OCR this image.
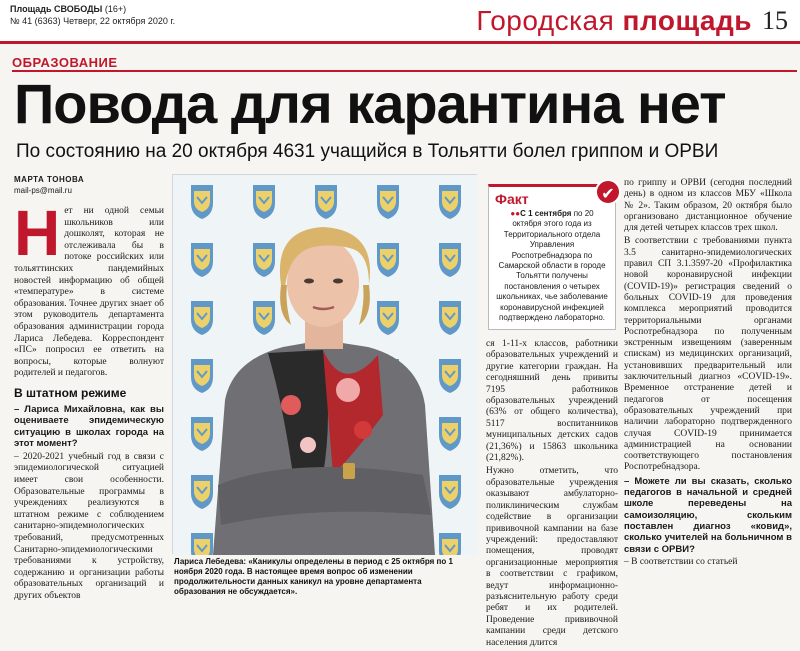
Площадь СВОБОДЫ (16+)
№ 41 (6363) Четверг, 22 октября 2020 г.	Городская площадь 15
ОБРАЗОВАНИЕ
Повода для карантина нет
По состоянию на 20 октября 4631 учащийся в Тольятти болел гриппом и ОРВИ
МАРТА ТОНОВА
mail-ps@mail.ru
Н ет ни одной семьи школьников или дошколят, которая не отслеживала бы в потоке российских или тольяттинских пандемийных новостей информацию об общей «температуре» в системе образования. Точнее других знает об этом руководитель департамента образования администрации города Лариса Лебедева. Корреспондент «ПС» попросил ее ответить на вопросы, которые волнуют родителей и педагогов.

В штатном режиме

– Лариса Михайловна, как вы оцениваете эпидемическую ситуацию в школах города на этот момент?

– 2020-2021 учебный год в связи с эпидемиологической ситуацией имеет свои особенности. Образовательные программы в учреждениях реализуются в штатном режиме с соблюдением санитарно-эпидемиологических требований, предусмотренных Санитарно-эпидемиологическими требованиями к устройству, содержанию и организации работы образовательных организаций и других объектов

Лариса Лебедева: «Каникулы определены в период с 25 октября по 1 ноября 2020 года. В настоящее время вопрос об изменении продолжительности данных каникул на уровне департамента образования не обсуждается».
✔
Факт
●●С 1 сентября по 20 октября этого года из Территориального отдела Управления Роспотребнадзора по Самарской области в городе Тольятти получены постановления о четырех школьниках, чье заболевание коронавирусной инфекцией подтверждено лабораторно.

ся 1-11-х классов, работники образовательных учреждений и другие категории граждан. На сегодняшний день привиты 7195 работников образовательных учреждений (63% от общего количества), 5117 воспитанников муниципальных детских садов (21,36%) и 15863 школьника (21,82%).

Нужно отметить, что образовательные учреждения оказывают амбулаторно-поликлиническим службам содействие в организации прививочной кампании на базе учреждений: предоставляют помещения, проводят организационные мероприятия в соответствии с графиком, ведут информационно-разъяснительную работу среди ребят и их родителей. Проведение прививочной кампании среди детского населения длится

по гриппу и ОРВИ (сегодня последний день) в одном из классов МБУ «Школа № 2». Таким образом, 20 октября было организовано дистанционное обучение для детей четырех классов трех школ.

В соответствии с требованиями пункта 3.5 санитарно-эпидемиологических правил СП 3.1.3597-20 «Профилактика новой коронавирусной инфекции (COVID-19)» регистрация сведений о больных COVID-19 для проведения комплекса мероприятий проводится территориальными органами Роспотребнадзора по полученным экстренным извещениям (заверенным спискам) из медицинских организаций, установивших предварительный или заключительный диагноз «COVID-19». Временное отстранение детей и педагогов от посещения образовательных учреждений при наличии лабораторно подтвержденного случая COVID-19 принимается администрацией на основании соответствующего постановления Роспотребнадзора.

– Можете ли вы сказать, сколько педагогов в начальной и средней школе переведены на самоизоляцию, скольким поставлен диагноз «ковид», сколько учителей на больничном в связи с ОРВИ?

– В соответствии со статьей
